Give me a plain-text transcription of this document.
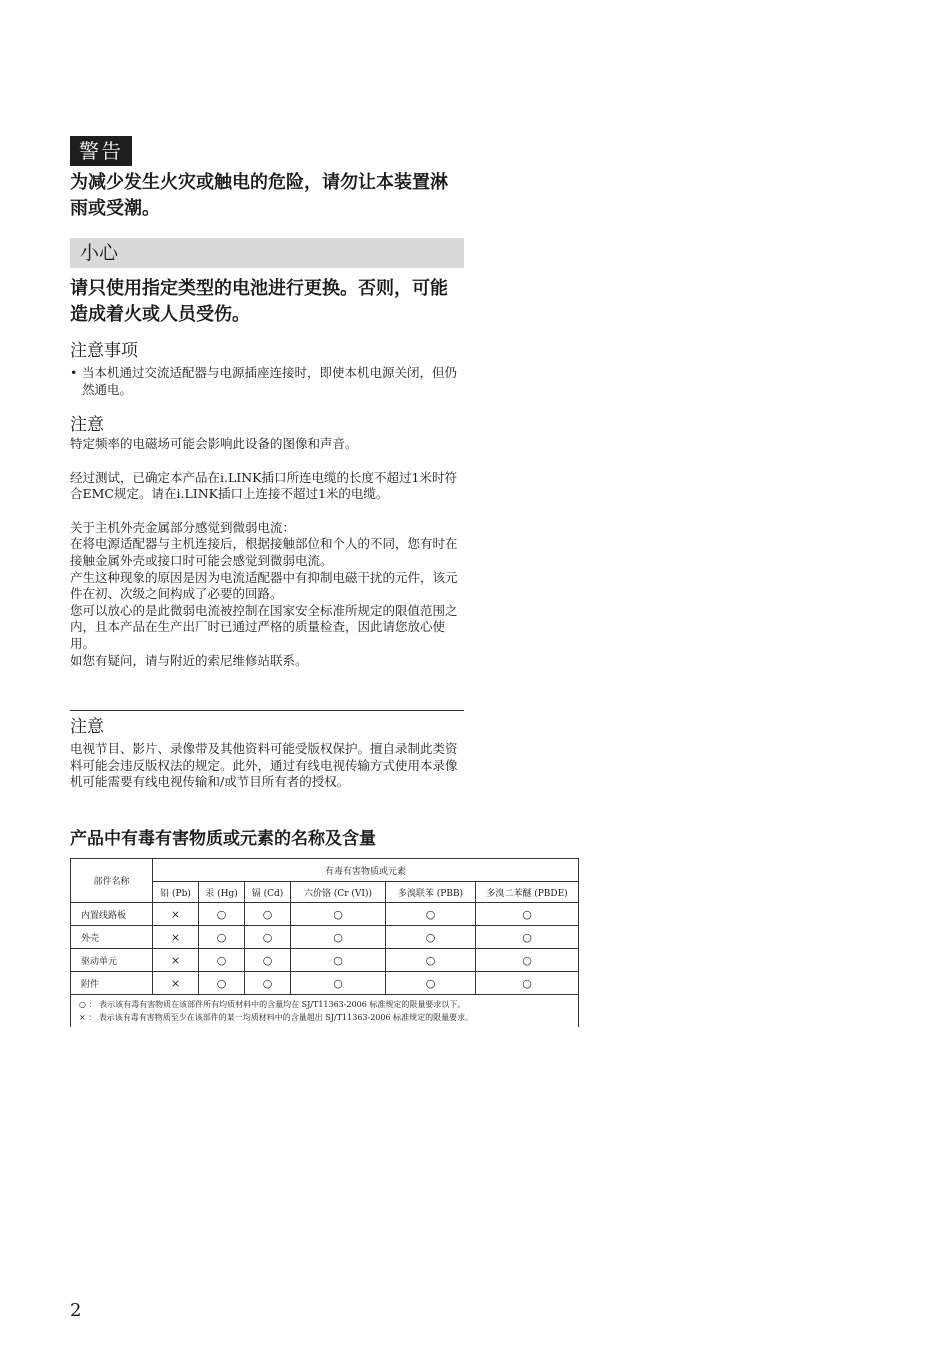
警告
为减少发生火灾或触电的危险，请勿让本装置淋雨或受潮。
小心
请只使用指定类型的电池进行更换。否则，可能造成着火或人员受伤。
注意事项
• 当本机通过交流适配器与电源插座连接时，即使本机电源关闭，但仍然通电。
注意
特定频率的电磁场可能会影响此设备的图像和声音。
经过测试，已确定本产品在i.LINK插口所连电缆的长度不超过1米时符合EMC规定。请在i.LINK插口上连接不超过1米的电缆。
关于主机外壳金属部分感觉到微弱电流：
在将电源适配器与主机连接后，根据接触部位和个人的不同，您有时在接触金属外壳或接口时可能会感觉到微弱电流。
产生这种现象的原因是因为电流适配器中有抑制电磁干扰的元件，该元件在初、次级之间构成了必要的回路。
您可以放心的是此微弱电流被控制在国家安全标准所规定的限值范围之内，且本产品在生产出厂时已通过严格的质量检查，因此请您放心使用。
如您有疑问，请与附近的索尼维修站联系。
注意
电视节目、影片、录像带及其他资料可能受版权保护。擅自录制此类资料可能会违反版权法的规定。此外，通过有线电视传输方式使用本录像机可能需要有线电视传输和/或节目所有者的授权。
产品中有毒有害物质或元素的名称及含量
部件名称	有毒有害物质或元素					
	铅 (Pb)	汞 (Hg)	镉 (Cd)	六价铬 (Cr (VI))	多溴联苯 (PBB)	多溴二苯醚 (PBDE)
内置线路板	×	○	○	○	○	○
外壳	×	○	○	○	○	○
驱动单元	×	○	○	○	○	○
附件	×	○	○	○	○	○

○ ： 表示该有毒有害物质在该部件所有均质材料中的含量均在 SJ/T11363-2006 标准规定的限量要求以下。
× ： 表示该有毒有害物质至少在该部件的某一均质材料中的含量超出 SJ/T11363-2006 标准规定的限量要求。						
2
